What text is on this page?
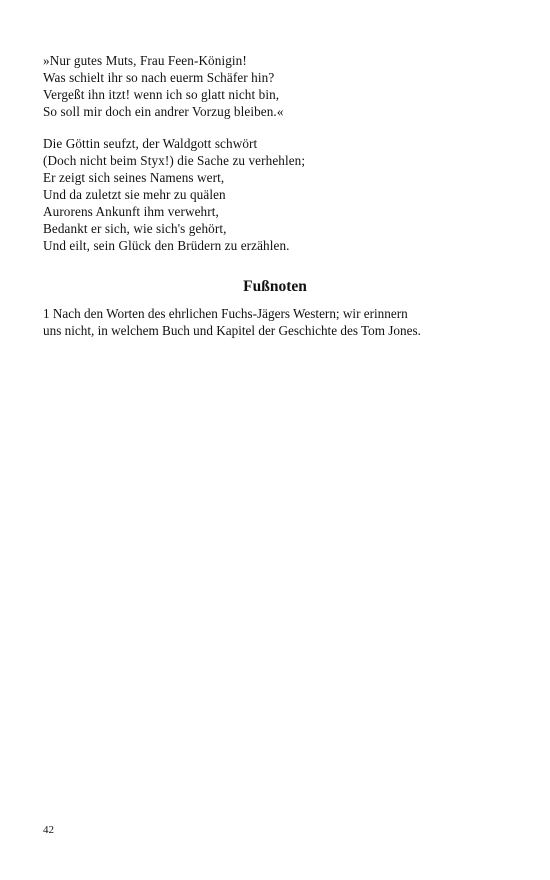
»Nur gutes Muts, Frau Feen-Königin!
Was schielt ihr so nach euerm Schäfer hin?
Vergeßt ihn itzt! wenn ich so glatt nicht bin,
So soll mir doch ein andrer Vorzug bleiben.«
Die Göttin seufzt, der Waldgott schwört
(Doch nicht beim Styx!) die Sache zu verhehlen;
Er zeigt sich seines Namens wert,
Und da zuletzt sie mehr zu quälen
Aurorens Ankunft ihm verwehrt,
Bedankt er sich, wie sich's gehört,
Und eilt, sein Glück den Brüdern zu erzählen.
Fußnoten

1 Nach den Worten des ehrlichen Fuchs-Jägers Western; wir erinnern
uns nicht, in welchem Buch und Kapitel der Geschichte des Tom Jones.

42
